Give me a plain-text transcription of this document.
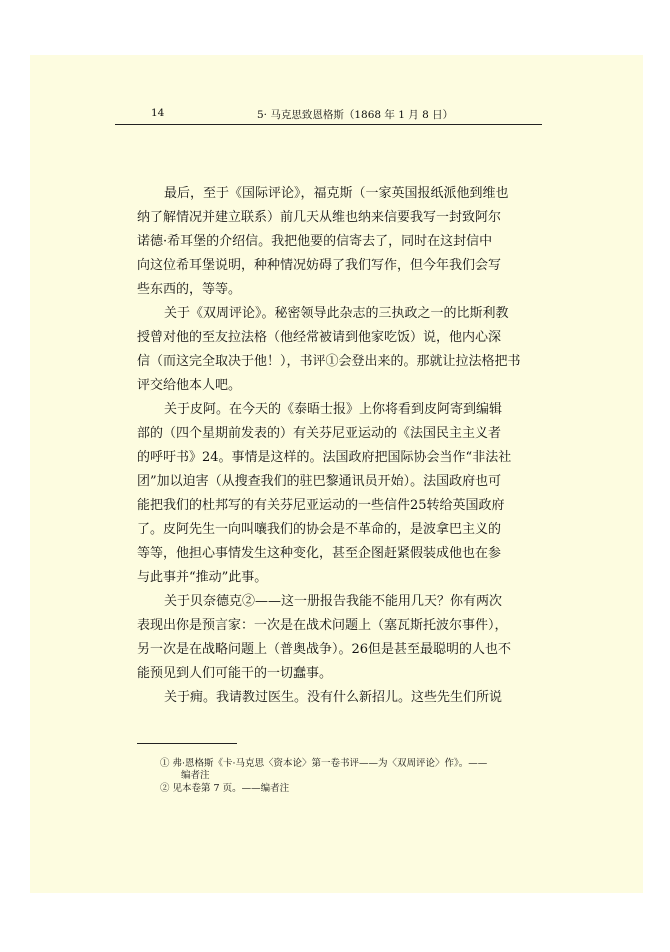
14	5· 马克思致恩格斯（1868 年 1 月 8 日）
最后，至于《国际评论》，福克斯（一家英国报纸派他到维也
纳了解情况并建立联系）前几天从维也纳来信要我写一封致阿尔
诺德·希耳堡的介绍信。我把他要的信寄去了，同时在这封信中
向这位希耳堡说明，种种情况妨碍了我们写作，但今年我们会写
些东西的，等等。
关于《双周评论》。秘密领导此杂志的三执政之一的比斯利教
授曾对他的至友拉法格（他经常被请到他家吃饭）说，他内心深
信（而这完全取决于他！），书评①会登出来的。那就让拉法格把书
评交给他本人吧。
关于皮阿。在今天的《泰晤士报》上你将看到皮阿寄到编辑
部的（四个星期前发表的）有关芬尼亚运动的《法国民主主义者
的呼吁书》24。事情是这样的。法国政府把国际协会当作“非法社
团”加以迫害（从搜查我们的驻巴黎通讯员开始）。法国政府也可
能把我们的杜邦写的有关芬尼亚运动的一些信件25转给英国政府
了。皮阿先生一向叫嚷我们的协会是不革命的，是波拿巴主义的
等等，他担心事情发生这种变化，甚至企图赶紧假装成他也在参
与此事并“推动”此事。
关于贝奈德克②——这一册报告我能不能用几天？你有两次
表现出你是预言家：一次是在战术问题上（塞瓦斯托波尔事件），
另一次是在战略问题上（普奥战争）。26但是甚至最聪明的人也不
能预见到人们可能干的一切蠢事。
关于痈。我请教过医生。没有什么新招儿。这些先生们所说
① 弗·恩格斯《卡·马克思〈资本论〉第一卷书评——为〈双周评论〉作》。——
编者注
② 见本卷第 7 页。——编者注
